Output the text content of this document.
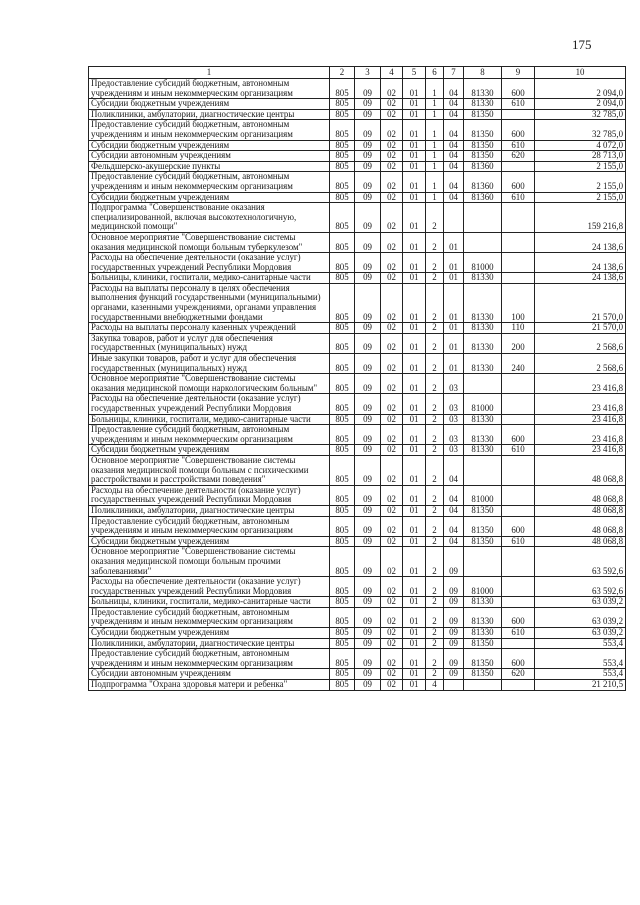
175
1	2	3	4	5	6	7	8	9	10
Предоставление субсидий бюджетным, автономным учреждениям и иным некоммерческим организациям	805	09	02	01	1	04	81330	600	2 094,0
Субсидии бюджетным учреждениям	805	09	02	01	1	04	81330	610	2 094,0
Поликлиники, амбулатории, диагностические центры	805	09	02	01	1	04	81350		32 785,0
Предоставление субсидий бюджетным, автономным учреждениям и иным некоммерческим организациям	805	09	02	01	1	04	81350	600	32 785,0
Субсидии бюджетным учреждениям	805	09	02	01	1	04	81350	610	4 072,0
Субсидии автономным учреждениям	805	09	02	01	1	04	81350	620	28 713,0
Фельдшерско-акушерские пункты	805	09	02	01	1	04	81360		2 155,0
Предоставление субсидий бюджетным, автономным учреждениям и иным некоммерческим организациям	805	09	02	01	1	04	81360	600	2 155,0
Субсидии бюджетным учреждениям	805	09	02	01	1	04	81360	610	2 155,0
Подпрограмма "Совершенствование оказания специализированной, включая высокотехнологичную, медицинской помощи"	805	09	02	01	2				159 216,8
Основное мероприятие "Совершенствование системы оказания медицинской помощи больным туберкулезом"	805	09	02	01	2	01			24 138,6
Расходы на обеспечение деятельности (оказание услуг) государственных учреждений Республики Мордовия	805	09	02	01	2	01	81000		24 138,6
Больницы, клиники, госпитали, медико-санитарные части	805	09	02	01	2	01	81330		24 138,6
Расходы на выплаты персоналу в целях обеспечения выполнения функций государственными (муниципальными) органами, казенными учреждениями, органами управления государственными внебюджетными фондами	805	09	02	01	2	01	81330	100	21 570,0
Расходы на выплаты персоналу казенных учреждений	805	09	02	01	2	01	81330	110	21 570,0
Закупка товаров, работ и услуг для обеспечения государственных (муниципальных) нужд	805	09	02	01	2	01	81330	200	2 568,6
Иные закупки товаров, работ и услуг для обеспечения государственных (муниципальных) нужд	805	09	02	01	2	01	81330	240	2 568,6
Основное мероприятие "Совершенствование системы оказания медицинской помощи наркологическим больным"	805	09	02	01	2	03			23 416,8
Расходы на обеспечение деятельности (оказание услуг) государственных учреждений Республики Мордовия	805	09	02	01	2	03	81000		23 416,8
Больницы, клиники, госпитали, медико-санитарные части	805	09	02	01	2	03	81330		23 416,8
Предоставление субсидий бюджетным, автономным учреждениям и иным некоммерческим организациям	805	09	02	01	2	03	81330	600	23 416,8
Субсидии бюджетным учреждениям	805	09	02	01	2	03	81330	610	23 416,8
Основное мероприятие "Совершенствование системы оказания медицинской помощи больным с психическими расстройствами и расстройствами поведения"	805	09	02	01	2	04			48 068,8
Расходы на обеспечение деятельности (оказание услуг) государственных учреждений Республики Мордовия	805	09	02	01	2	04	81000		48 068,8
Поликлиники, амбулатории, диагностические центры	805	09	02	01	2	04	81350		48 068,8
Предоставление субсидий бюджетным, автономным учреждениям и иным некоммерческим организациям	805	09	02	01	2	04	81350	600	48 068,8
Субсидии бюджетным учреждениям	805	09	02	01	2	04	81350	610	48 068,8
Основное мероприятие "Совершенствование системы оказания медицинской помощи больным прочими заболеваниями"	805	09	02	01	2	09			63 592,6
Расходы на обеспечение деятельности (оказание услуг) государственных учреждений Республики Мордовия	805	09	02	01	2	09	81000		63 592,6
Больницы, клиники, госпитали, медико-санитарные части	805	09	02	01	2	09	81330		63 039,2
Предоставление субсидий бюджетным, автономным учреждениям и иным некоммерческим организациям	805	09	02	01	2	09	81330	600	63 039,2
Субсидии бюджетным учреждениям	805	09	02	01	2	09	81330	610	63 039,2
Поликлиники, амбулатории, диагностические центры	805	09	02	01	2	09	81350		553,4
Предоставление субсидий бюджетным, автономным учреждениям и иным некоммерческим организациям	805	09	02	01	2	09	81350	600	553,4
Субсидии автономным учреждениям	805	09	02	01	2	09	81350	620	553,4
Подпрограмма "Охрана здоровья матери и ребенка"	805	09	02	01	4				21 210,5
